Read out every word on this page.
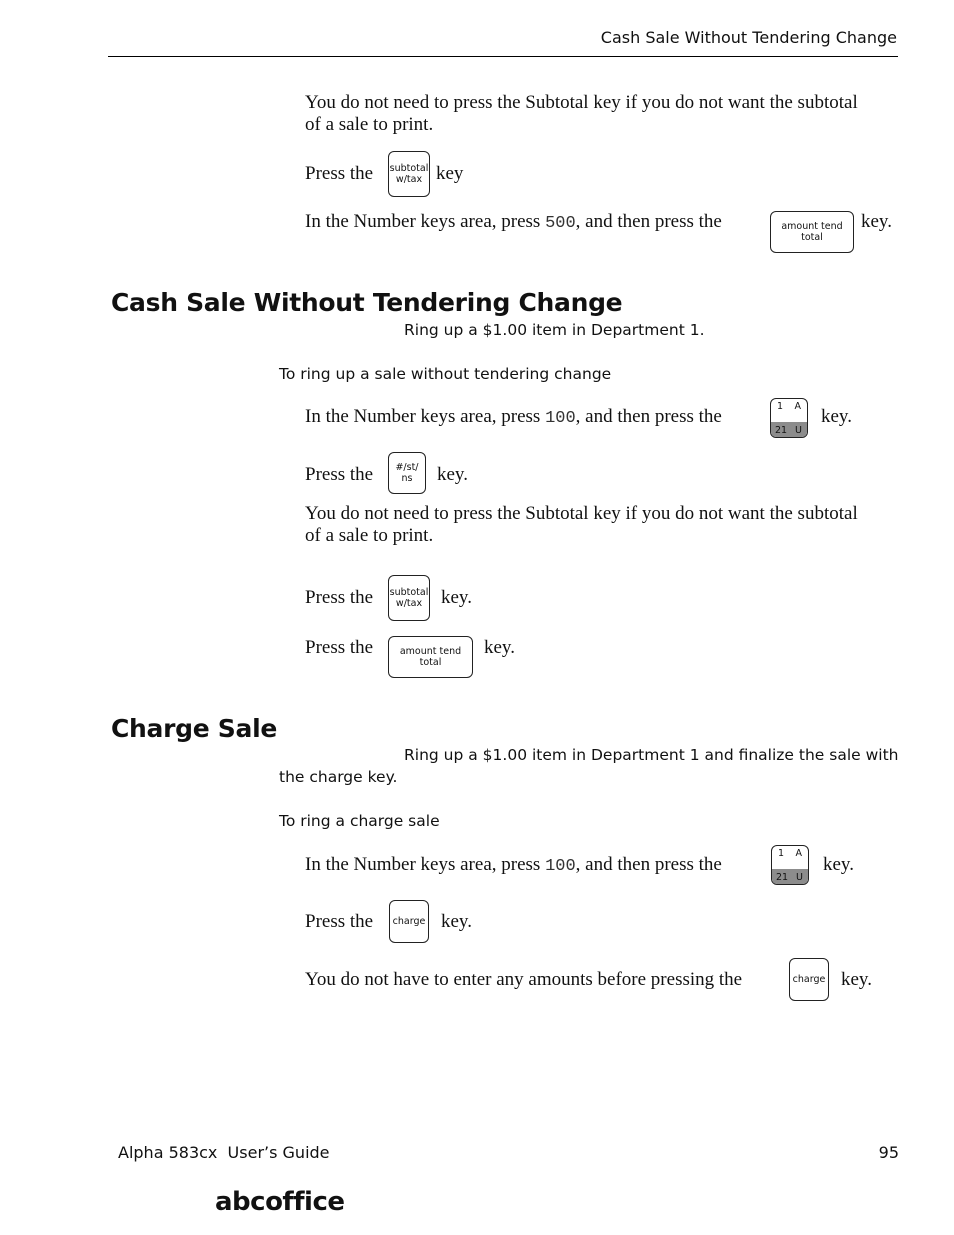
Cash Sale Without Tendering Change
You do not need to press the Subtotal key if you do not want the subtotal
of a sale to print.
Press the subtotal
w/tax key
In the Number keys area, press 500, and then press the	amount tend
total
key.
Cash Sale Without Tendering Change
Ring up a $1.00 item in Department 1.
To ring up a sale without tendering change
In the Number keys area, press 100, and then press the	1 A
21 U
key.
Press the #/st/
ns key.
You do not need to press the Subtotal key if you do not want the subtotal
of a sale to print.
Press the subtotal
w/tax key.
Press the	amount tend
total
key.
Charge Sale
Ring up a $1.00 item in Department 1 and finalize the sale with
the charge key.
To ring a charge sale
In the Number keys area, press 100, and then press the
1 A
21 U
key.
Press the charge key.
You do not have to enter any amounts before pressing the	charge key.
Alpha 583cx  User’s Guide	95
abcoffice
